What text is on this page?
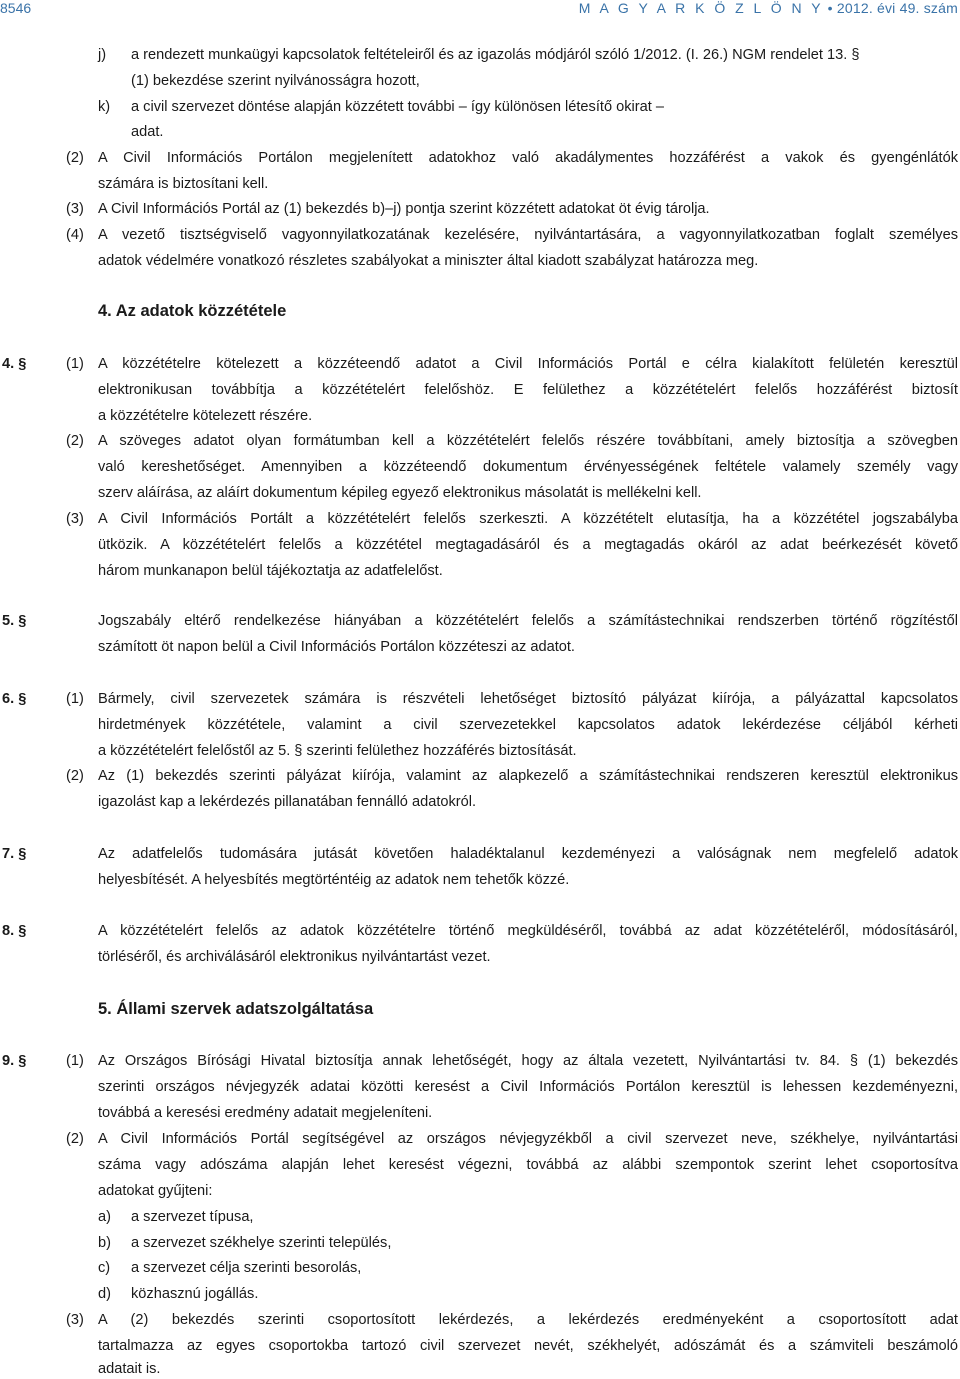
8546	M A G Y A R K Ö Z L Ö N Y • 2012. évi 49. szám
j) a rendezett munkaügyi kapcsolatok feltételeiről és az igazolás módjáról szóló 1/2012. (I. 26.) NGM rendelet 13. §
(1) bekezdése szerint nyilvánosságra hozott,
k) a civil szervezet döntése alapján közzétett további – így különösen létesítő okirat –
adat.
(2) A Civil Információs Portálon megjelenített adatokhoz való akadálymentes hozzáférést a vakok és gyengénlátók
számára is biztosítani kell.
(3) A Civil Információs Portál az (1) bekezdés b)–j) pontja szerint közzétett adatokat öt évig tárolja.
(4) A vezető tisztségviselő vagyonnyilatkozatának kezelésére, nyilvántartására, a vagyonnyilatkozatban foglalt személyes
adatok védelmére vonatkozó részletes szabályokat a miniszter által kiadott szabályzat határozza meg.
4. Az adatok közzététele
4. §	(1) A közzétételre kötelezett a közzéteendő adatot a Civil Információs Portál e célra kialakított felületén keresztül
elektronikusan továbbítja a közzétételért felelőshöz. E felülethez a közzétételért felelős hozzáférést biztosít
a közzétételre kötelezett részére.
(2) A szöveges adatot olyan formátumban kell a közzétételért felelős részére továbbítani, amely biztosítja a szövegben
való kereshetőséget. Amennyiben a közzéteendő dokumentum érvényességének feltétele valamely személy vagy
szerv aláírása, az aláírt dokumentum képileg egyező elektronikus másolatát is mellékelni kell.
(3) A Civil Információs Portált a közzétételért felelős szerkeszti. A közzétételt elutasítja, ha a közzététel jogszabályba
ütközik. A közzétételért felelős a közzététel megtagadásáról és a megtagadás okáról az adat beérkezését követő
három munkanapon belül tájékoztatja az adatfelelőst.
5. §	Jogszabály eltérő rendelkezése hiányában a közzétételért felelős a számítástechnikai rendszerben történő rögzítéstől
számított öt napon belül a Civil Információs Portálon közzéteszi az adatot.
6. §	(1) Bármely, civil szervezetek számára is részvételi lehetőséget biztosító pályázat kiírója, a pályázattal kapcsolatos
hirdetmények közzététele, valamint a civil szervezetekkel kapcsolatos adatok lekérdezése céljából kérheti
a közzétételért felelőstől az 5. § szerinti felülethez hozzáférés biztosítását.
(2) Az (1) bekezdés szerinti pályázat kiírója, valamint az alapkezelő a számítástechnikai rendszeren keresztül elektronikus
igazolást kap a lekérdezés pillanatában fennálló adatokról.
7. §	Az adatfelelős tudomására jutását követően haladéktalanul kezdeményezi a valóságnak nem megfelelő adatok
helyesbítését. A helyesbítés megtörténtéig az adatok nem tehetők közzé.
8. §	A közzétételért felelős az adatok közzétételre történő megküldéséről, továbbá az adat közzétételéről, módosításáról,
törléséről, és archiválásáról elektronikus nyilvántartást vezet.
5. Állami szervek adatszolgáltatása
9. §	(1) Az Országos Bírósági Hivatal biztosítja annak lehetőségét, hogy az általa vezetett, Nyilvántartási tv. 84. § (1) bekezdés
szerinti országos névjegyzék adatai közötti keresést a Civil Információs Portálon keresztül is lehessen kezdeményezni,
továbbá a keresési eredmény adatait megjeleníteni.
(2) A Civil Információs Portál segítségével az országos névjegyzékből a civil szervezet neve, székhelye, nyilvántartási
száma vagy adószáma alapján lehet keresést végezni, továbbá az alábbi szempontok szerint lehet csoportosítva
adatokat gyűjteni:
a) a szervezet típusa,
b) a szervezet székhelye szerinti település,
c) a szervezet célja szerinti besorolás,
d) közhasznú jogállás.
(3) A (2) bekezdés szerinti csoportosított lekérdezés, a lekérdezés eredményeként a csoportosított adat
tartalmazza az egyes csoportokba tartozó civil szervezet nevét, székhelyét, adószámát és a számviteli beszámoló
adatait is.
